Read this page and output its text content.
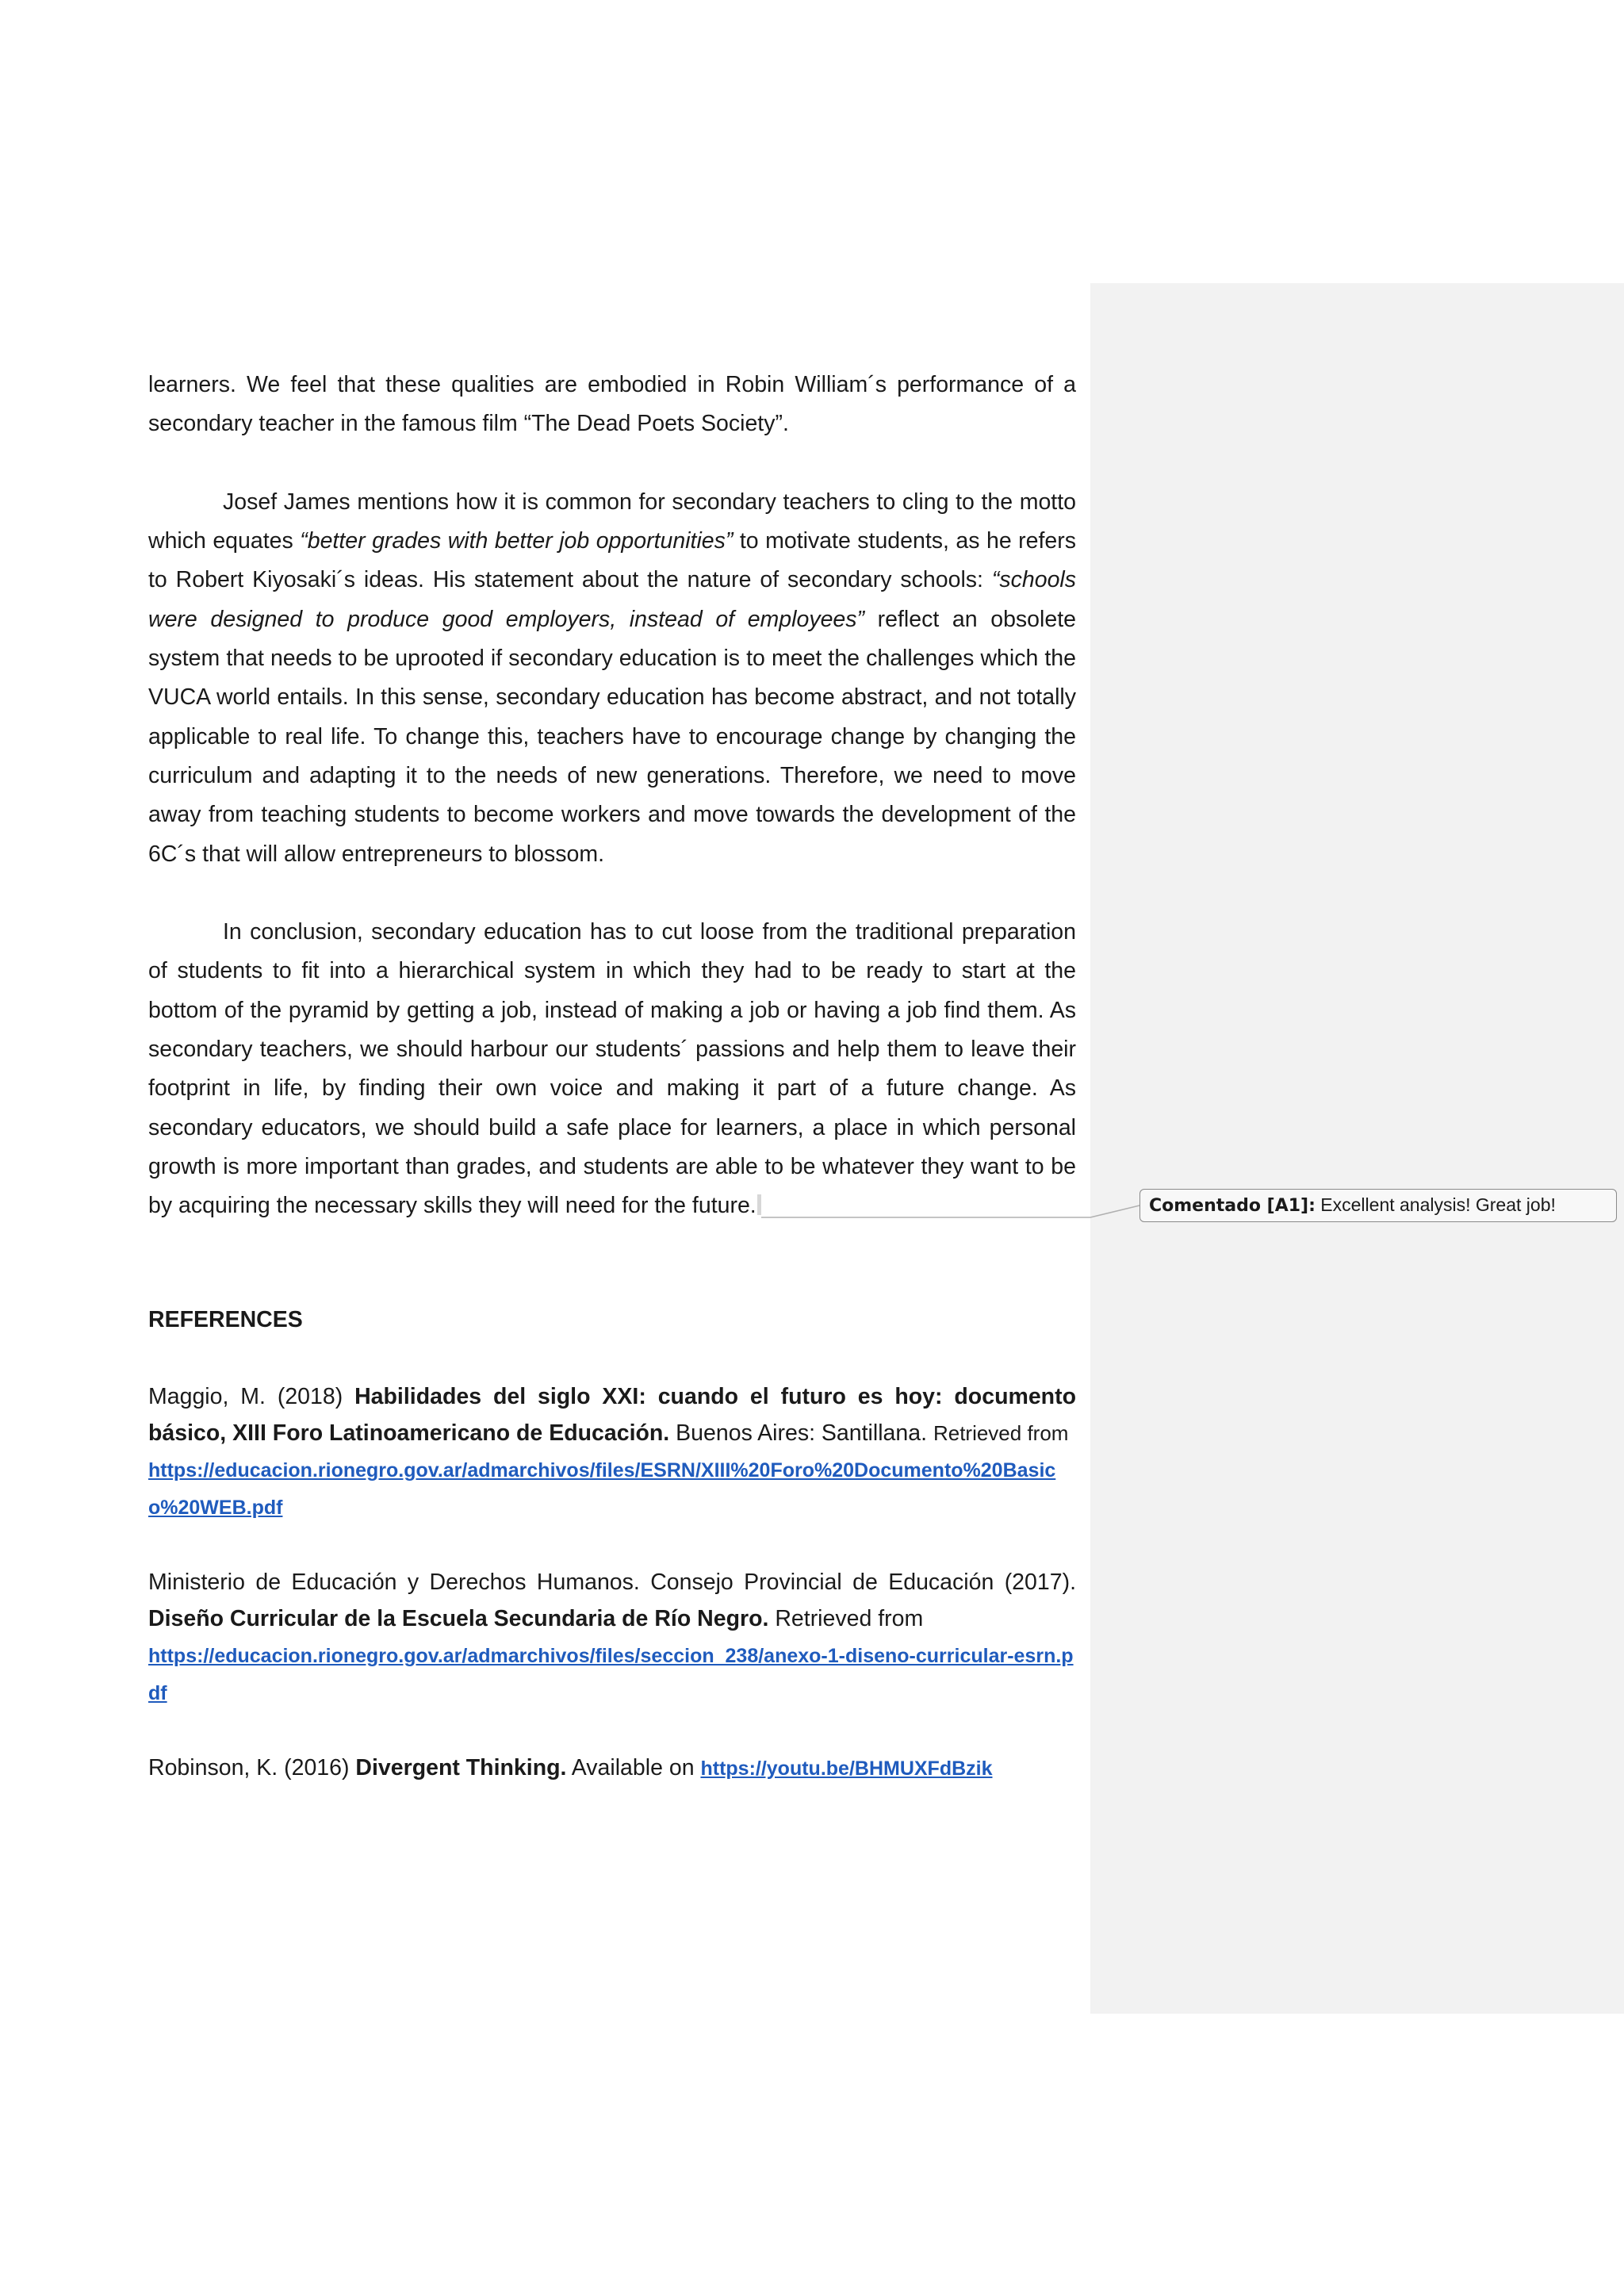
learners. We feel that these qualities are embodied in Robin William´s performance of a secondary teacher in the famous film “The Dead Poets Society”.

Josef James mentions how it is common for secondary teachers to cling to the motto which equates “better grades with better job opportunities” to motivate students, as he refers to Robert Kiyosaki´s ideas. His statement about the nature of secondary schools: “schools were designed to produce good employers, instead of employees” reflect an obsolete system that needs to be uprooted if secondary education is to meet the challenges which the VUCA world entails. In this sense, secondary education has become abstract, and not totally applicable to real life. To change this, teachers have to encourage change by changing the curriculum and adapting it to the needs of new generations. Therefore, we need to move away from teaching students to become workers and move towards the development of the 6C´s that will allow entrepreneurs to blossom.

In conclusion, secondary education has to cut loose from the traditional preparation of students to fit into a hierarchical system in which they had to be ready to start at the bottom of the pyramid by getting a job, instead of making a job or having a job find them. As secondary teachers, we should harbour our students´ passions and help them to leave their footprint in life, by finding their own voice and making it part of a future change. As secondary educators, we should build a safe place for learners, a place in which personal growth is more important than grades, and students are able to be whatever they want to be by acquiring the necessary skills they will need for the future.

REFERENCES

Maggio, M. (2018) Habilidades del siglo XXI: cuando el futuro es hoy: documento básico, XIII Foro Latinoamericano de Educación. Buenos Aires: Santillana. Retrieved from
https://educacion.rionegro.gov.ar/admarchivos/files/ESRN/XIII%20Foro%20Documento%20Basico%20WEB.pdf

Ministerio de Educación y Derechos Humanos. Consejo Provincial de Educación (2017). Diseño Curricular de la Escuela Secundaria de Río Negro. Retrieved from
https://educacion.rionegro.gov.ar/admarchivos/files/seccion_238/anexo-1-diseno-curricular-esrn.pdf

Robinson, K. (2016) Divergent Thinking. Available on https://youtu.be/BHMUXFdBzik

Comentado [A1]: Excellent analysis! Great job!
